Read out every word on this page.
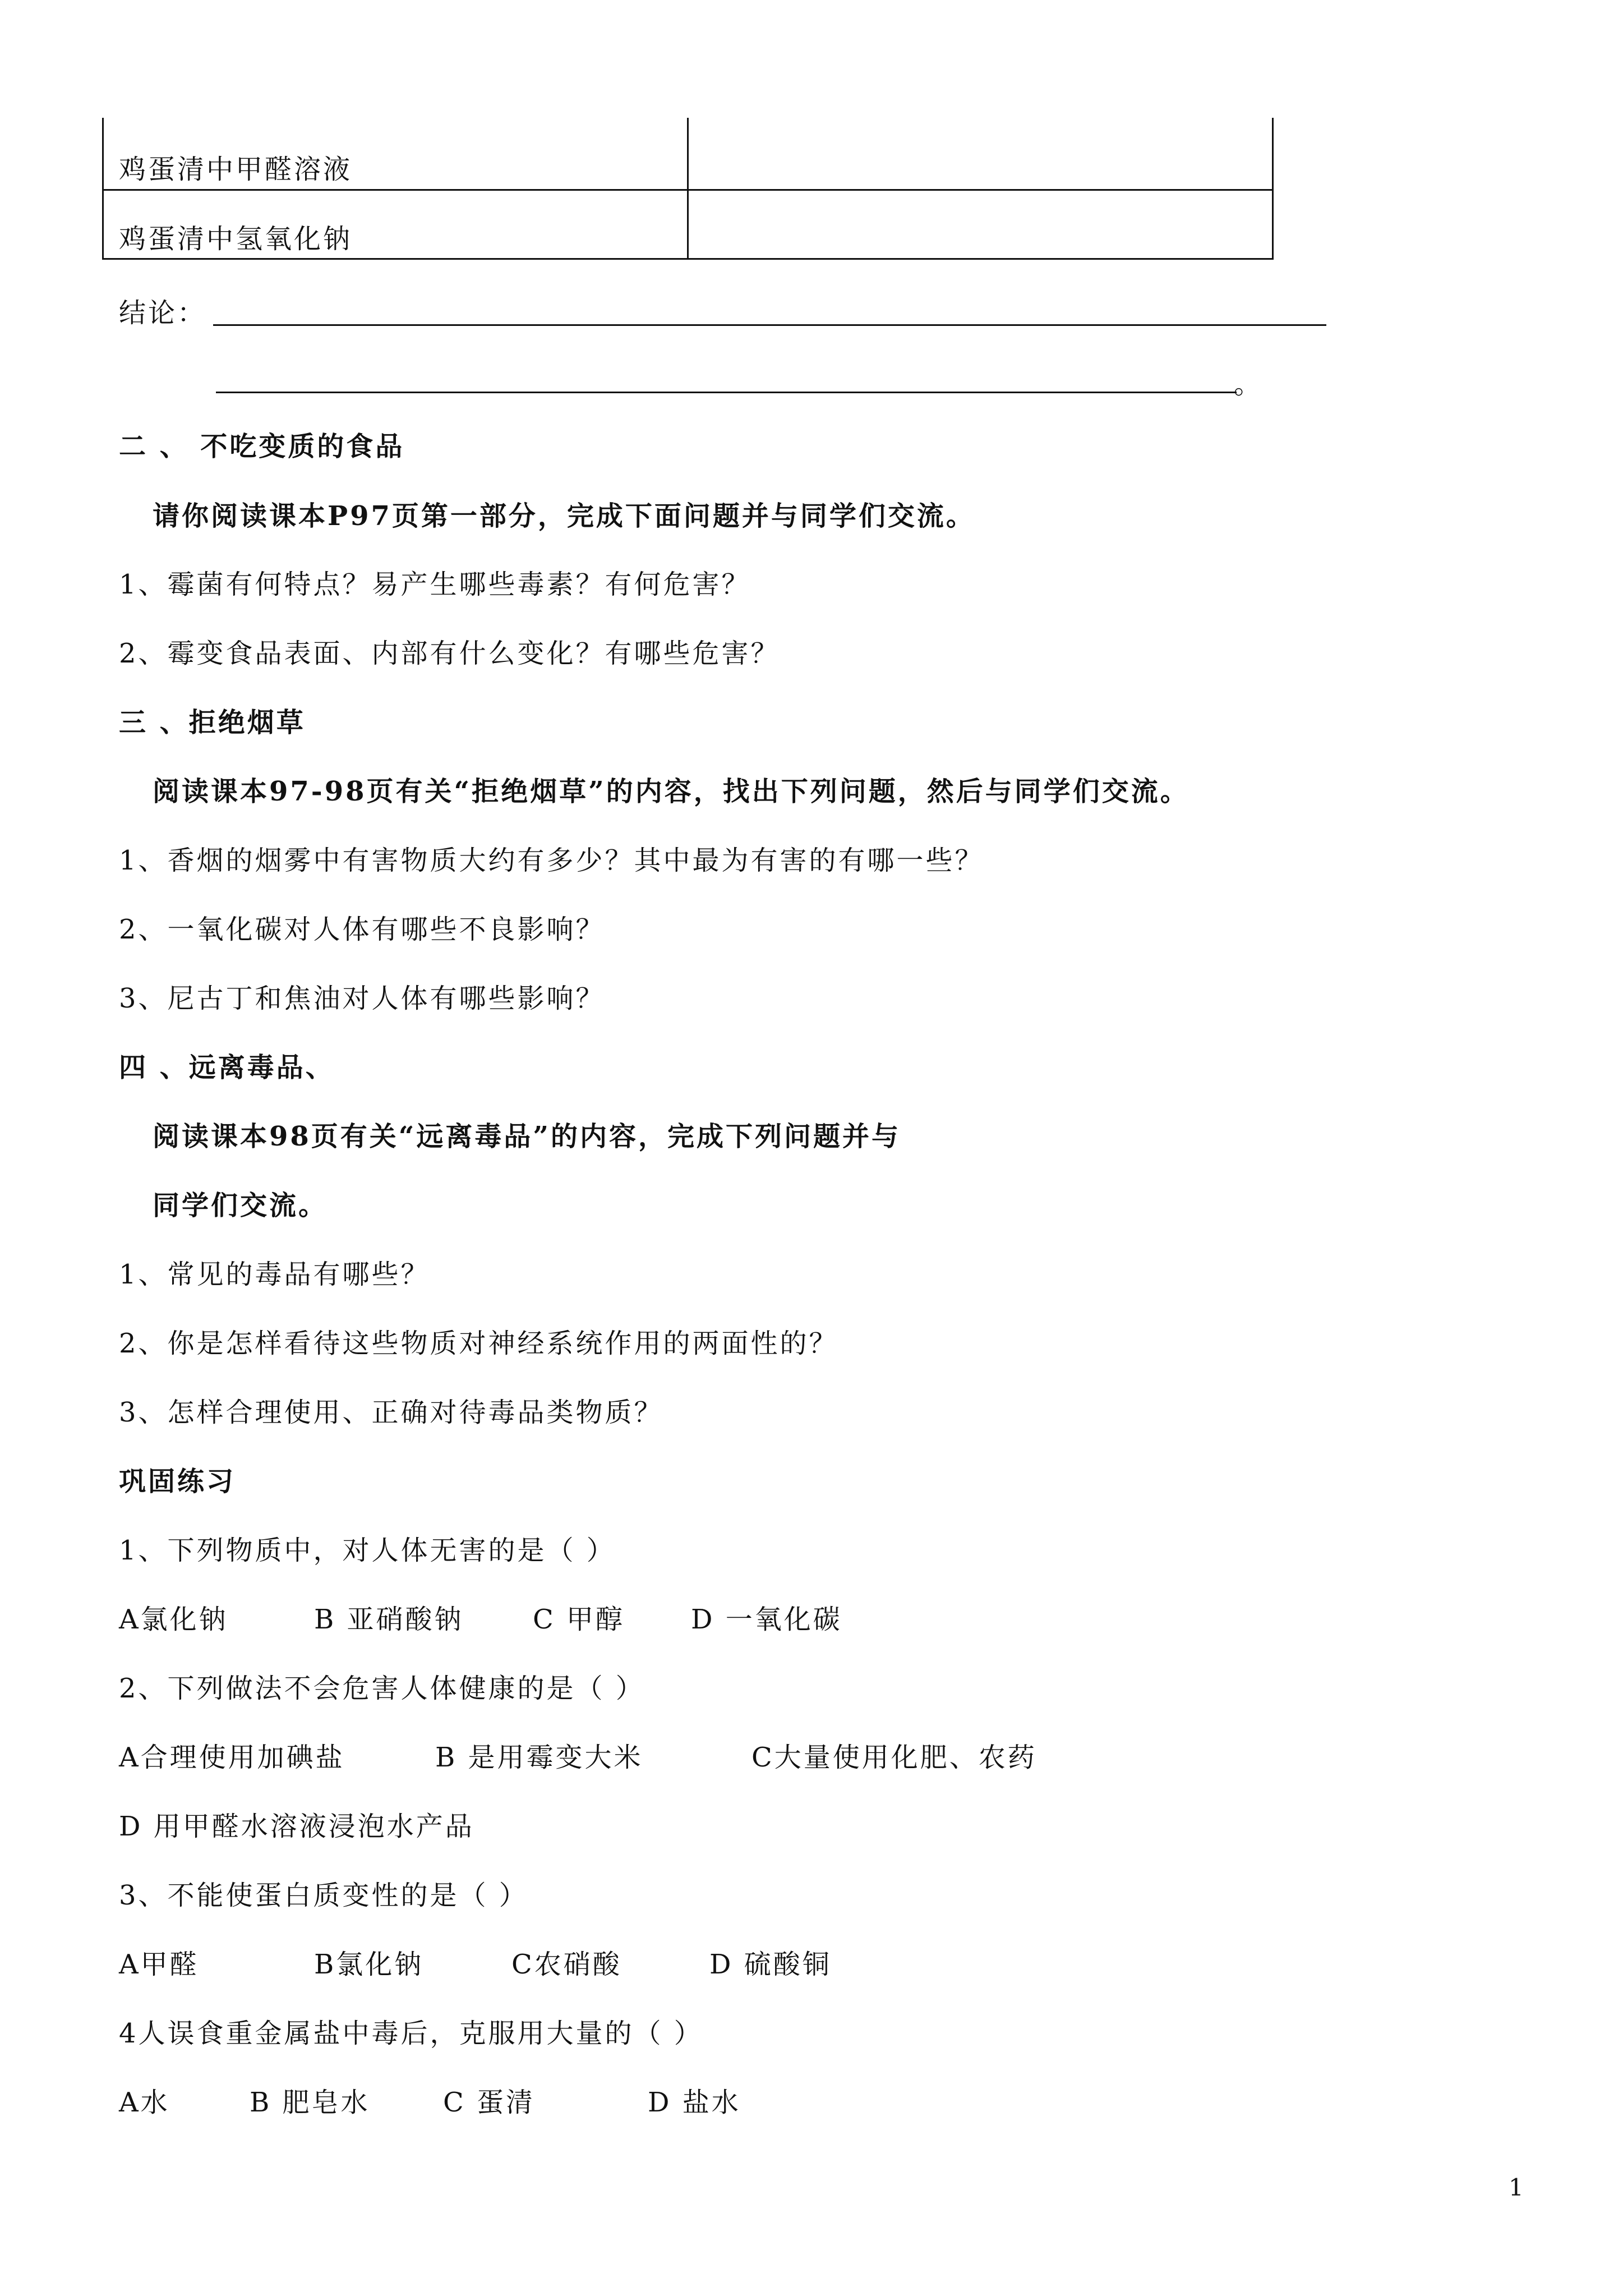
鸡蛋清中甲醛溶液
鸡蛋清中氢氧化钠
结论：
。
二 、 不吃变质的食品
请你阅读课本P97页第一部分，完成下面问题并与同学们交流。
1、霉菌有何特点？易产生哪些毒素？有何危害？
2、霉变食品表面、内部有什么变化？有哪些危害？
三 、拒绝烟草
阅读课本97-98页有关“拒绝烟草”的内容，找出下列问题，然后与同学们交流。
1、香烟的烟雾中有害物质大约有多少？其中最为有害的有哪一些？
2、一氧化碳对人体有哪些不良影响？
3、尼古丁和焦油对人体有哪些影响？
四 、远离毒品、
阅读课本98页有关“远离毒品”的内容，完成下列问题并与
同学们交流。
1、常见的毒品有哪些？
2、你是怎样看待这些物质对神经系统作用的两面性的？
3、怎样合理使用、正确对待毒品类物质？
巩固练习
1、下列物质中，对人体无害的是（ ）
A氯化钠	B 亚硝酸钠	C 甲醇 D 一氧化碳
2、下列做法不会危害人体健康的是（ ）
A合理使用加碘盐	B 是用霉变大米	C大量使用化肥、农药
D 用甲醛水溶液浸泡水产品
3、不能使蛋白质变性的是（ ）
A甲醛	B氯化钠	C农硝酸	D 硫酸铜
4人误食重金属盐中毒后，克服用大量的（ ）
A水	B 肥皂水	C 蛋清	D 盐水
1
